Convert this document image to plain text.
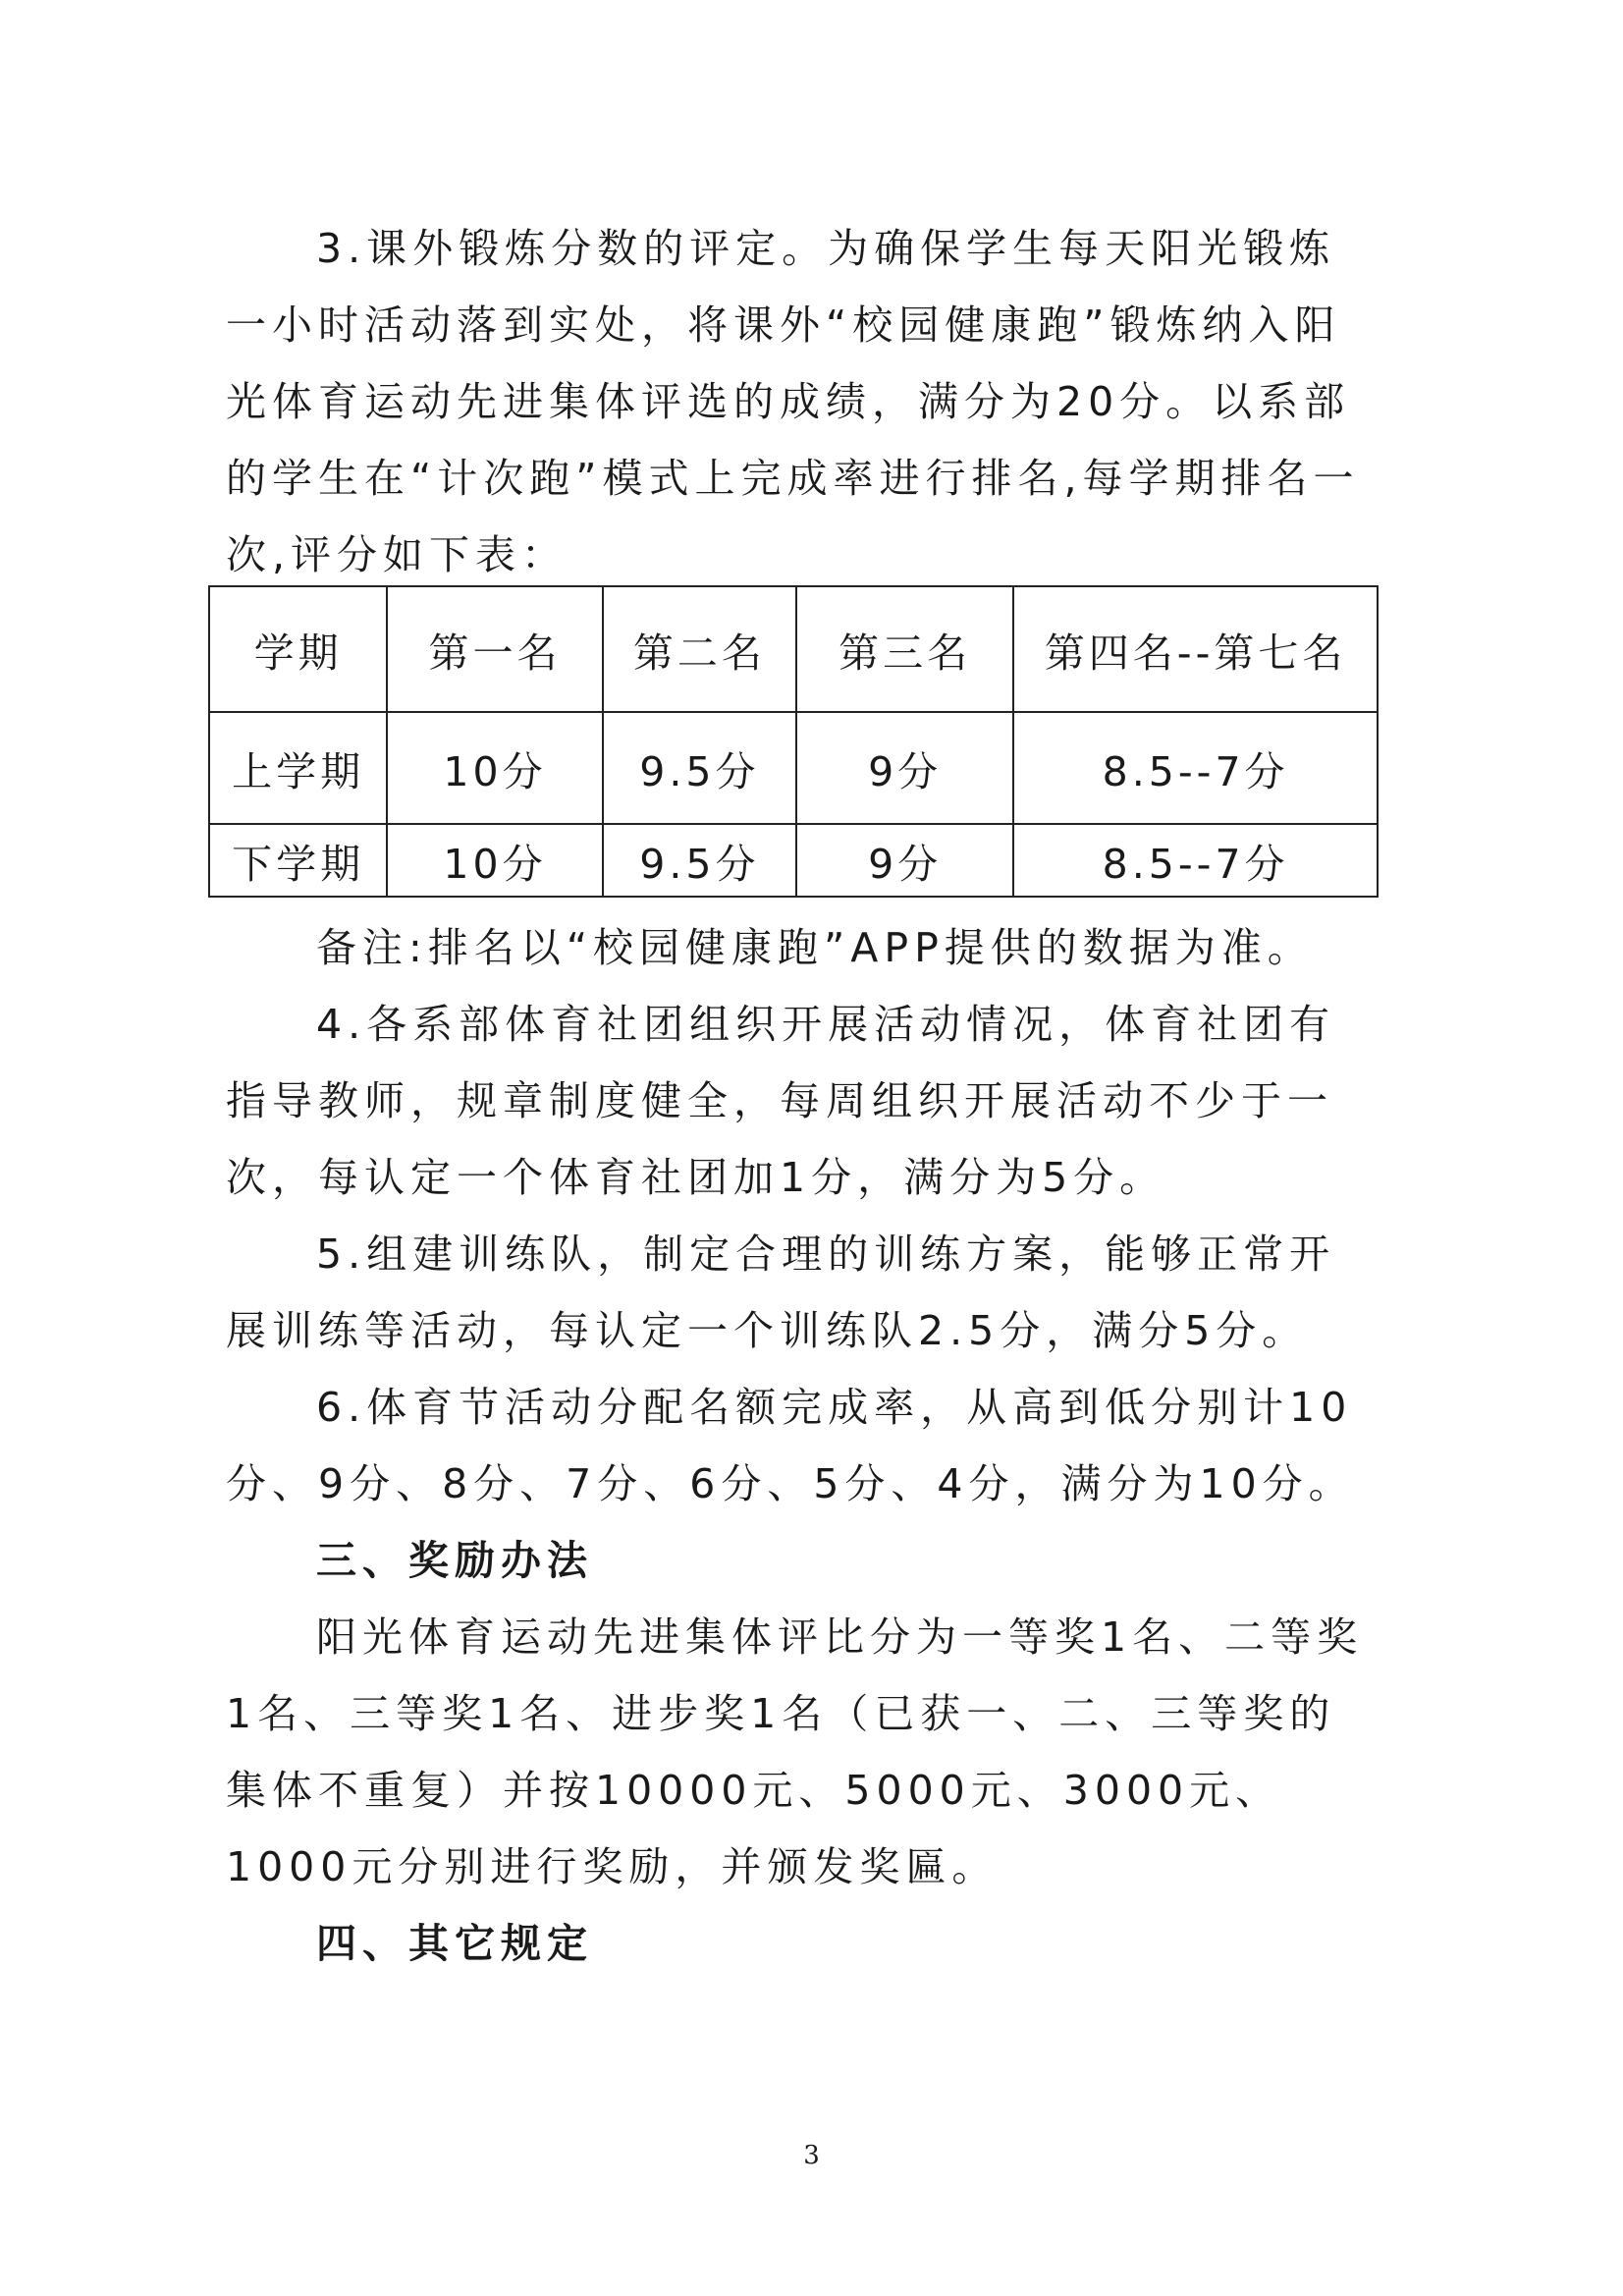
3.课外锻炼分数的评定。为确保学生每天阳光锻炼一小时活动落到实处，将课外“校园健康跑”锻炼纳入阳光体育运动先进集体评选的成绩，满分为20分。以系部的学生在“计次跑”模式上完成率进行排名,每学期排名一次,评分如下表：

学期	第一名	第二名	第三名	第四名--第七名
上学期	10分	9.5分	9分	8.5--7分
下学期	10分	9.5分	9分	8.5--7分

备注:排名以“校园健康跑”APP提供的数据为准。

4.各系部体育社团组织开展活动情况，体育社团有指导教师，规章制度健全，每周组织开展活动不少于一次，每认定一个体育社团加1分，满分为5分。

5.组建训练队，制定合理的训练方案，能够正常开展训练等活动，每认定一个训练队2.5分，满分5分。

6.体育节活动分配名额完成率，从高到低分别计10分、9分、8分、7分、6分、5分、4分，满分为10分。

三、奖励办法

阳光体育运动先进集体评比分为一等奖1名、二等奖1名、三等奖1名、进步奖1名（已获一、二、三等奖的集体不重复）并按10000元、5000元、3000元、1000元分别进行奖励，并颁发奖匾。

四、其它规定

3
